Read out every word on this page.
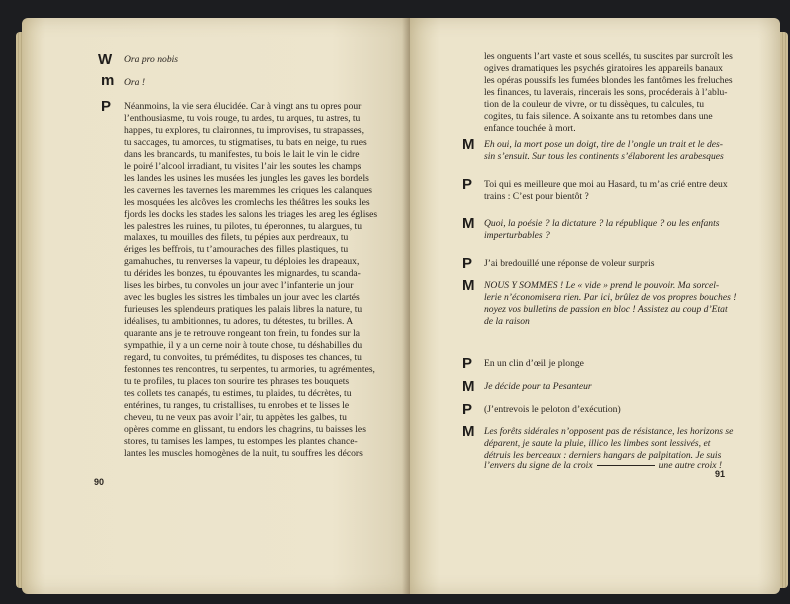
W Ora pro nobis
m Ora !
P Néanmoins, la vie sera élucidée. Car à vingt ans tu opres pour
l’enthousiasme, tu vois rouge, tu ardes, tu arques, tu astres, tu
happes, tu explores, tu claironnes, tu improvises, tu strapasses,
tu saccages, tu amorces, tu stigmatises, tu bats en neige, tu rues
dans les brancards, tu manifestes, tu bois le lait le vin le cidre
le poiré l’alcool irradiant, tu visites l’air les soutes les champs
les landes les usines les musées les jungles les gaves les bordels
les cavernes les tavernes les maremmes les criques les calanques
les mosquées les alcôves les cromlechs les théâtres les souks les
fjords les docks les stades les salons les triages les areg les églises
les palestres les ruines, tu pilotes, tu éperonnes, tu alargues, tu
malaxes, tu mouilles des filets, tu pépies aux perdreaux, tu
ériges les beffrois, tu t’amouraches des filles plastiques, tu
gamahuches, tu renverses la vapeur, tu déploies les drapeaux,
tu dérides les bonzes, tu épouvantes les mignardes, tu scanda-
lises les birbes, tu convoles un jour avec l’infanterie un jour
avec les bugles les sistres les timbales un jour avec les clartés
furieuses les splendeurs pratiques les palais libres la nature, tu
idéalises, tu ambitionnes, tu adores, tu détestes, tu brilles. A
quarante ans je te retrouve rongeant ton frein, tu fondes sur la
sympathie, il y a un cerne noir à toute chose, tu déshabilles du
regard, tu convoites, tu prémédites, tu disposes tes chances, tu
festonnes tes rencontres, tu serpentes, tu armories, tu agrémentes,
tu te profiles, tu places ton sourire tes phrases tes bouquets
tes collets tes canapés, tu estimes, tu plaides, tu décrètes, tu
entérines, tu ranges, tu cristallises, tu enrobes et te lisses le
cheveu, tu ne veux pas avoir l’air, tu appètes les galbes, tu
opères comme en glissant, tu endors les chagrins, tu baisses les
stores, tu tamises les lampes, tu estompes les plantes chance-
lantes les muscles homogènes de la nuit, tu souffres les décors
90
les onguents l’art vaste et sous scellés, tu suscites par surcroît les
ogives dramatiques les psychés giratoires les appareils banaux
les opéras poussifs les fumées blondes les fantômes les freluches
les finances, tu laverais, rincerais les sons, procéderais à l’ablu-
tion de la couleur de vivre, or tu dissèques, tu calcules, tu
cogites, tu fais silence. A soixante ans tu retombes dans une
enfance touchée à mort.
M Eh oui, la mort pose un doigt, tire de l’ongle un trait et le des-
sin s’ensuit. Sur tous les continents s’élaborent les arabesques
P Toi qui es meilleure que moi au Hasard, tu m’as crié entre deux
trains : C’est pour bientôt ?
M Quoi, la poésie ? la dictature ? la république ? ou les enfants
imperturbables ?
P J’ai bredouillé une réponse de voleur surpris
M NOUS Y SOMMES ! Le « vide » prend le pouvoir. Ma sorcel-
lerie n’économisera rien. Par ici, brûlez de vos propres bouches !
noyez vos bulletins de passion en bloc ! Assistez au coup d’Etat
de la raison
P En un clin d’œil je plonge
M Je décide pour ta Pesanteur
P (J’entrevois le peloton d’exécution)
M Les forêts sidérales n’opposent pas de résistance, les horizons se
déparent, je saute la pluie, illico les limbes sont lessivés, et
détruis les berceaux : derniers hangars de palpitation. Je suis
l’envers du signe de la croix	une autre croix !
91
